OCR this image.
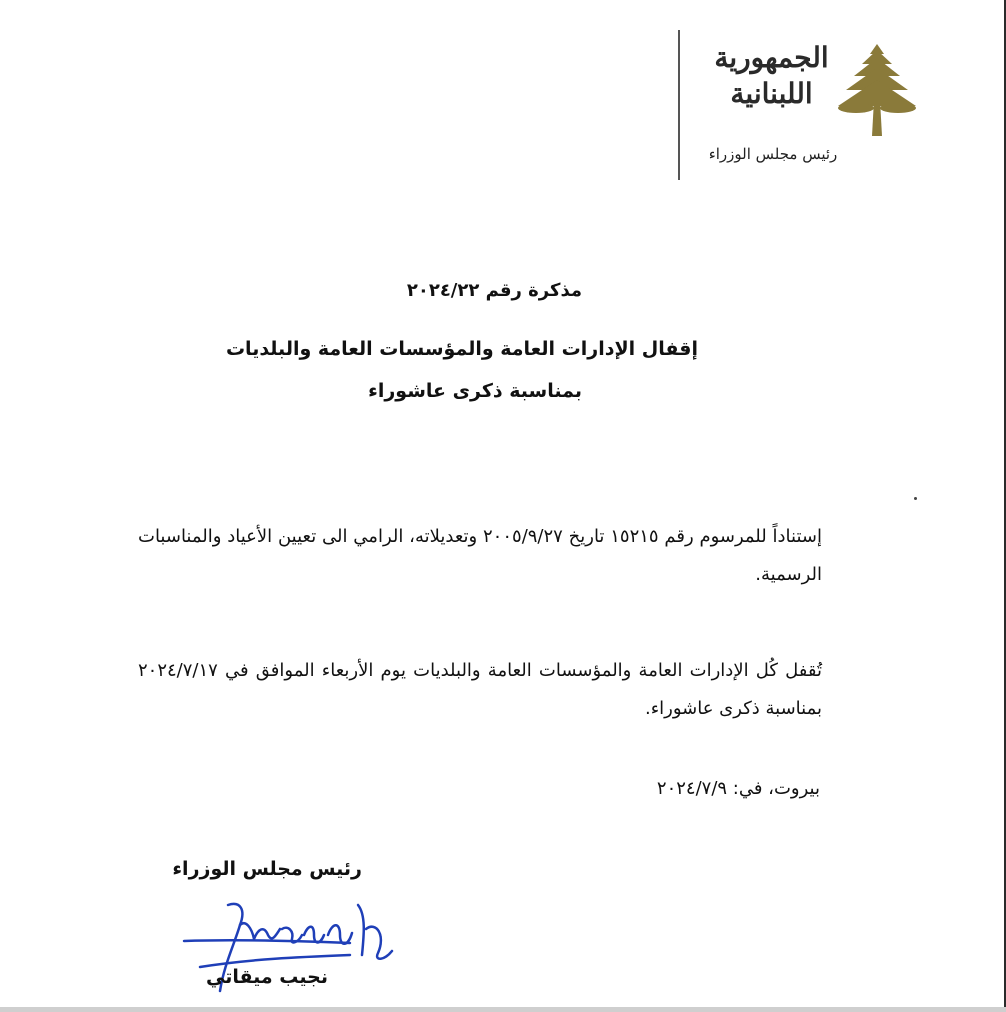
الجمهورية اللبنانية
رئيس مجلس الوزراء
مذكرة رقم ٢٠٢٤/٢٢
إقفال الإدارات العامة والمؤسسات العامة والبلديات
بمناسبة ذكرى عاشوراء
إستناداً للمرسوم رقم ١٥٢١٥ تاريخ ٢٠٠٥/٩/٢٧ وتعديلاته، الرامي الى تعيين الأعياد والمناسبات الرسمية.
تُقفل كُل الإدارات العامة والمؤسسات العامة والبلديات يوم الأربعاء الموافق في ٢٠٢٤/٧/١٧ بمناسبة ذكرى عاشوراء.
بيروت، في: ٢٠٢٤/٧/٩
رئيس مجلس الوزراء
نجيب ميقاتي
